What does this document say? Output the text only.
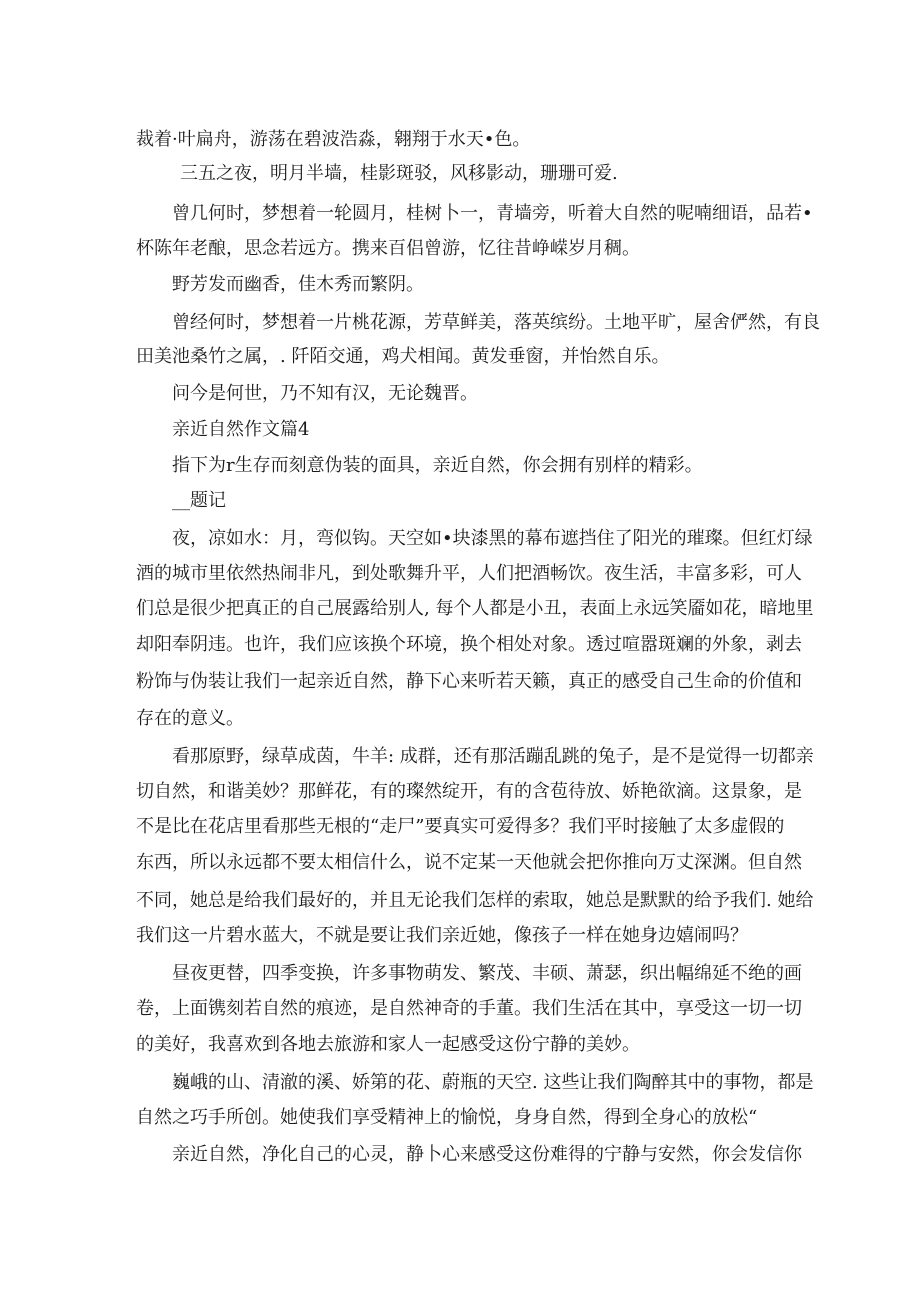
裁着·叶扁舟，游荡在碧波浩淼，翱翔于水天•色。

三五之夜，明月半墙，桂影斑驳，风移影动，珊珊可爱.

曾几何时，梦想着一轮圆月，桂树卜一，青墙旁，听着大自然的呢喃细语，品若•

杯陈年老酿，思念若远方。携来百侣曾游，忆往昔峥嵘岁月稠。

野芳发而幽香，佳木秀而繁阴。

曾经何时，梦想着一片桃花源，芳草鲜美，落英缤纷。土地平旷，屋舍俨然，有良

田美池桑竹之属，. 阡陌交通，鸡犬相闻。黄发垂窗，并怡然自乐。

问今是何世，乃不知有汉，无论魏晋。

亲近自然作文篇4

指下为r生存而刻意伪装的面具，亲近自然，你会拥有别样的精彩。

__题记

夜，凉如水：月，弯似钩。天空如•块漆黑的幕布遮挡住了阳光的璀璨。但红灯绿

酒的城市里依然热闹非凡，到处歌舞升平，人们把酒畅饮。夜生活，丰富多彩，可人

们总是很少把真正的自己展露给别人, 每个人都是小丑，表面上永远笑靥如花，暗地里

却阳奉阴违。也许，我们应该换个环境，换个相处对象。透过喧嚣斑斓的外象，剥去

粉饰与伪装让我们一起亲近自然，静下心来听若天籁，真正的感受自己生命的价值和

存在的意义。

看那原野，绿草成茵，牛羊: 成群，还有那活蹦乱跳的兔子，是不是觉得一切都亲

切自然，和谐美妙？那鲜花，有的璨然绽开，有的含苞待放、娇艳欲滴。这景象，是

不是比在花店里看那些无根的“走尸”要真实可爱得多？我们平时接触了太多虚假的

东西，所以永远都不要太相信什么，说不定某一天他就会把你推向万丈深渊。但自然

不同，她总是给我们最好的，并且无论我们怎样的索取，她总是默默的给予我们. 她给

我们这一片碧水蓝大，不就是要让我们亲近她，像孩子一样在她身边嬉闹吗？

昼夜更替，四季变换，许多事物萌发、繁茂、丰硕、萧瑟，织出幅绵延不绝的画

卷，上面镌刻若自然的痕迹，是自然神奇的手董。我们生活在其中，享受这一切一切

的美好，我喜欢到各地去旅游和家人一起感受这份宁静的美妙。

巍峨的山、清澈的溪、娇第的花、蔚瓶的天空. 这些让我们陶醉其中的事物，都是

自然之巧手所创。她使我们享受精神上的愉悦，身身自然，得到全身心的放松“

亲近自然，净化自己的心灵，静卜心来感受这份难得的宁静与安然，你会发信你
